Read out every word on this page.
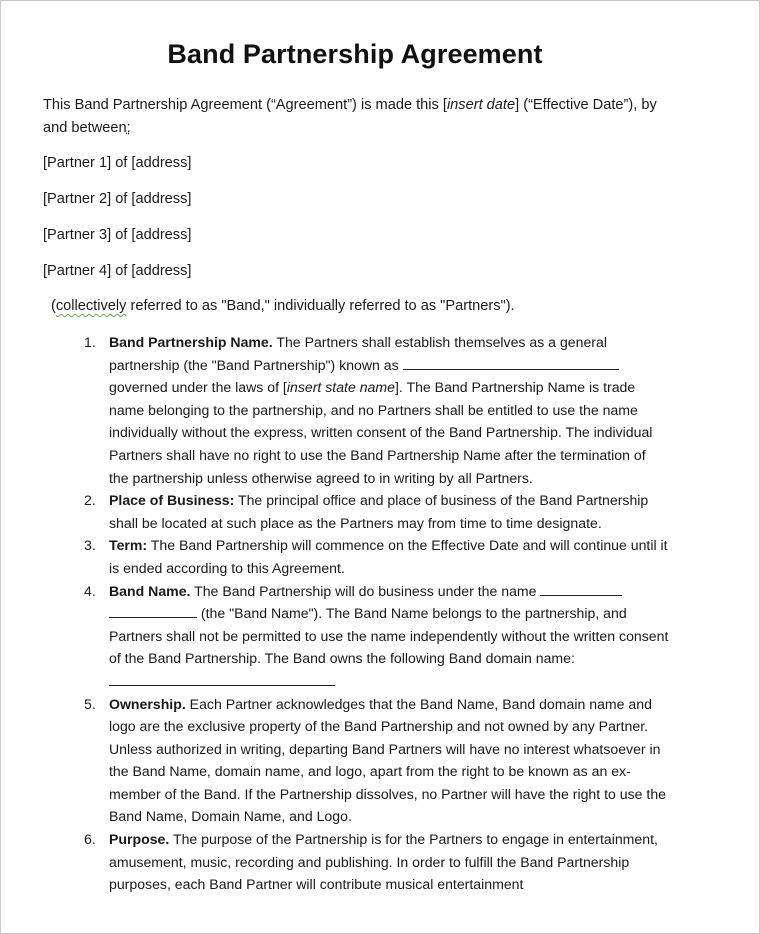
Band Partnership Agreement
This Band Partnership Agreement (“Agreement”) is made this [insert date] (“Effective Date”), by and between:
[Partner 1] of [address]
[Partner 2] of [address]
[Partner 3] of [address]
[Partner 4] of [address]
(collectively referred to as "Band," individually referred to as "Partners").
1. Band Partnership Name. The Partners shall establish themselves as a general partnership (the "Band Partnership") known as  governed under the laws of [insert state name]. The Band Partnership Name is trade name belonging to the partnership, and no Partners shall be entitled to use the name individually without the express, written consent of the Band Partnership. The individual Partners shall have no right to use the Band Partnership Name after the termination of the partnership unless otherwise agreed to in writing by all Partners.
2. Place of Business: The principal office and place of business of the Band Partnership shall be located at such place as the Partners may from time to time designate.
3. Term: The Band Partnership will commence on the Effective Date and will continue until it is ended according to this Agreement.
4. Band Name. The Band Partnership will do business under the name   (the "Band Name"). The Band Name belongs to the partnership, and Partners shall not be permitted to use the name independently without the written consent of the Band Partnership. The Band owns the following Band domain name:
5. Ownership. Each Partner acknowledges that the Band Name, Band domain name and logo are the exclusive property of the Band Partnership and not owned by any Partner. Unless authorized in writing, departing Band Partners will have no interest whatsoever in the Band Name, domain name, and logo, apart from the right to be known as an ex-member of the Band. If the Partnership dissolves, no Partner will have the right to use the Band Name, Domain Name, and Logo.
6. Purpose. The purpose of the Partnership is for the Partners to engage in entertainment, amusement, music, recording and publishing. In order to fulfill the Band Partnership purposes, each Band Partner will contribute musical entertainment
